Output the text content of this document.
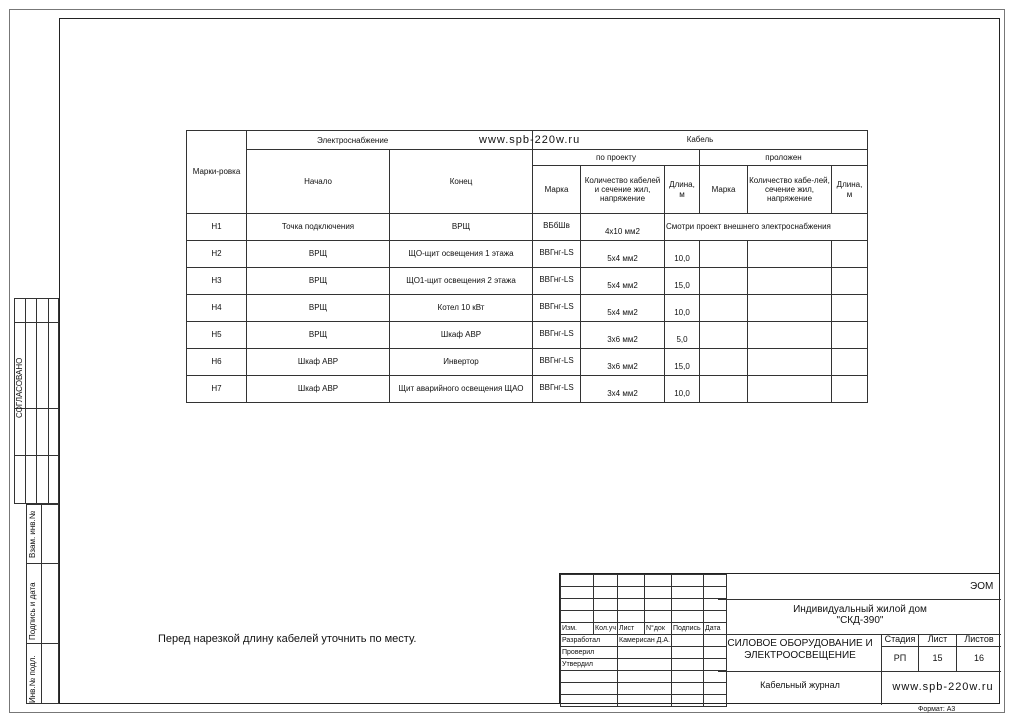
СОГЛАСОВАНО
Взам. инв.№
Подпись и дата
Инв.№ подл.
Марки-ровка	Электроснабжение www.spb-220w.ru		Кабель					
	Начало	Конец	по проекту			проложен		
			Марка	Количество кабелей и сечение жил, напряжение	Длина, м	Марка	Количество кабе-лей, сечение жил, напряжение	Длина, м
Н1	Точка подключения	ВРЩ	ВБбШв	4х10 мм2	Смотри проект внешнего электроснабжения			
Н2	ВРЩ	ЩО-щит освещения 1 этажа	ВВГнг-LS	5х4 мм2	10,0			
Н3	ВРЩ	ЩО1-щит освещения 2 этажа	ВВГнг-LS	5х4 мм2	15,0			
Н4	ВРЩ	Котел 10 кВт	ВВГнг-LS	5х4 мм2	10,0			
Н5	ВРЩ	Шкаф АВР	ВВГнг-LS	3х6 мм2	5,0			
Н6	Шкаф АВР	Инвертор	ВВГнг-LS	3х6 мм2	15,0			
Н7	Шкаф АВР	Щит аварийного освещения ЩАО	ВВГнг-LS	3х4 мм2	10,0			
Перед нарезкой длину кабелей уточнить по месту.

Изм.	Кол.уч	Лист	N°док	Подпись	Дата
Разработал		Камерисан Д.А.			
Проверил					
Утвердил					

ЭОМ
Индивидуальный жилой дом "СКД-390"
СИЛОВОЕ ОБОРУДОВАНИЕ И ЭЛЕКТРООСВЕЩЕНИЕ
Кабельный журнал	www.spb-220w.ru
Стадия	Лист	Листов
РП	15	16
Формат: А3
